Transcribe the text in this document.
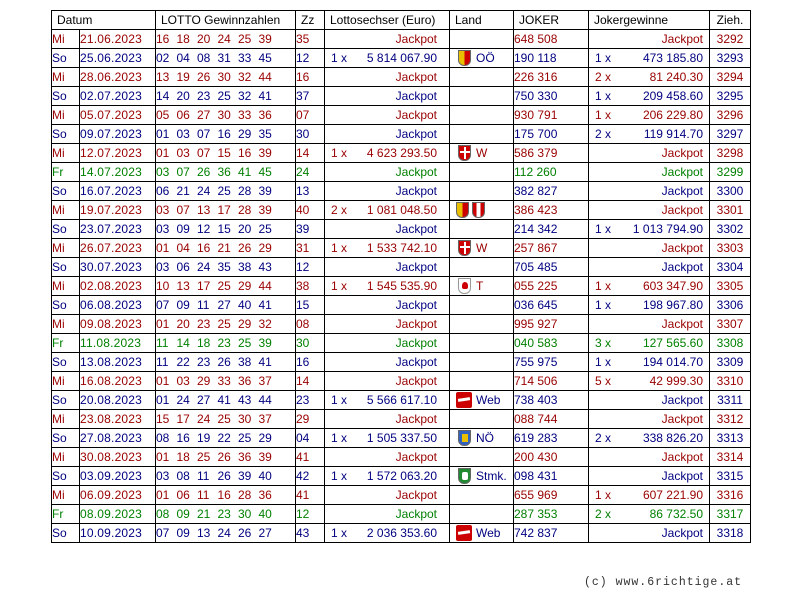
Datum		LOTTO Gewinnzahlen	Zz	Lottosechser (Euro)	Land	JOKER	Jokergewinne	Zieh.
Mi	21.06.2023	16 18 20 24 25 39	35	Jackpot		648 508	Jackpot	3292
So	25.06.2023	02 04 08 31 33 45	12	1 x 5 814 067.90	OÖ	190 118	1 x 473 185.80	3293
Mi	28.06.2023	13 19 26 30 32 44	16	Jackpot		226 316	2 x 81 240.30	3294
So	02.07.2023	14 20 23 25 32 41	37	Jackpot		750 330	1 x 209 458.60	3295
Mi	05.07.2023	05 06 27 30 33 36	07	Jackpot		930 791	1 x 206 229.80	3296
So	09.07.2023	01 03 07 16 29 35	30	Jackpot		175 700	2 x 119 914.70	3297
Mi	12.07.2023	01 03 07 15 16 39	14	1 x 4 623 293.50	W	586 379	Jackpot	3298
Fr	14.07.2023	03 07 26 36 41 45	24	Jackpot		112 260	Jackpot	3299
So	16.07.2023	06 21 24 25 28 39	13	Jackpot		382 827	Jackpot	3300
Mi	19.07.2023	03 07 13 17 28 39	40	2 x 1 081 048.50		386 423	Jackpot	3301
So	23.07.2023	03 09 12 15 20 25	39	Jackpot		214 342	1 x 1 013 794.90	3302
Mi	26.07.2023	01 04 16 21 26 29	31	1 x 1 533 742.10	W	257 867	Jackpot	3303
So	30.07.2023	03 06 24 35 38 43	12	Jackpot		705 485	Jackpot	3304
Mi	02.08.2023	10 13 17 25 29 44	38	1 x 1 545 535.90	T	055 225	1 x 603 347.90	3305
So	06.08.2023	07 09 11 27 40 41	15	Jackpot		036 645	1 x 198 967.80	3306
Mi	09.08.2023	01 20 23 25 29 32	08	Jackpot		995 927	Jackpot	3307
Fr	11.08.2023	11 14 18 23 25 39	30	Jackpot		040 583	3 x 127 565.60	3308
So	13.08.2023	11 22 23 26 38 41	16	Jackpot		755 975	1 x 194 014.70	3309
Mi	16.08.2023	01 03 29 33 36 37	14	Jackpot		714 506	5 x 42 999.30	3310
So	20.08.2023	01 24 27 41 43 44	23	1 x 5 566 617.10	Web	738 403	Jackpot	3311
Mi	23.08.2023	15 17 24 25 30 37	29	Jackpot		088 744	Jackpot	3312
So	27.08.2023	08 16 19 22 25 29	04	1 x 1 505 337.50	NÖ	619 283	2 x 338 826.20	3313
Mi	30.08.2023	01 18 25 26 36 39	41	Jackpot		200 430	Jackpot	3314
So	03.09.2023	03 08 11 26 39 40	42	1 x 1 572 063.20	Stmk.	098 431	Jackpot	3315
Mi	06.09.2023	01 06 11 16 28 36	41	Jackpot		655 969	1 x 607 221.90	3316
Fr	08.09.2023	08 09 21 23 30 40	12	Jackpot		287 353	2 x 86 732.50	3317
So	10.09.2023	07 09 13 24 26 27	43	1 x 2 036 353.60	Web	742 837	Jackpot	3318
(c) www.6richtige.at
